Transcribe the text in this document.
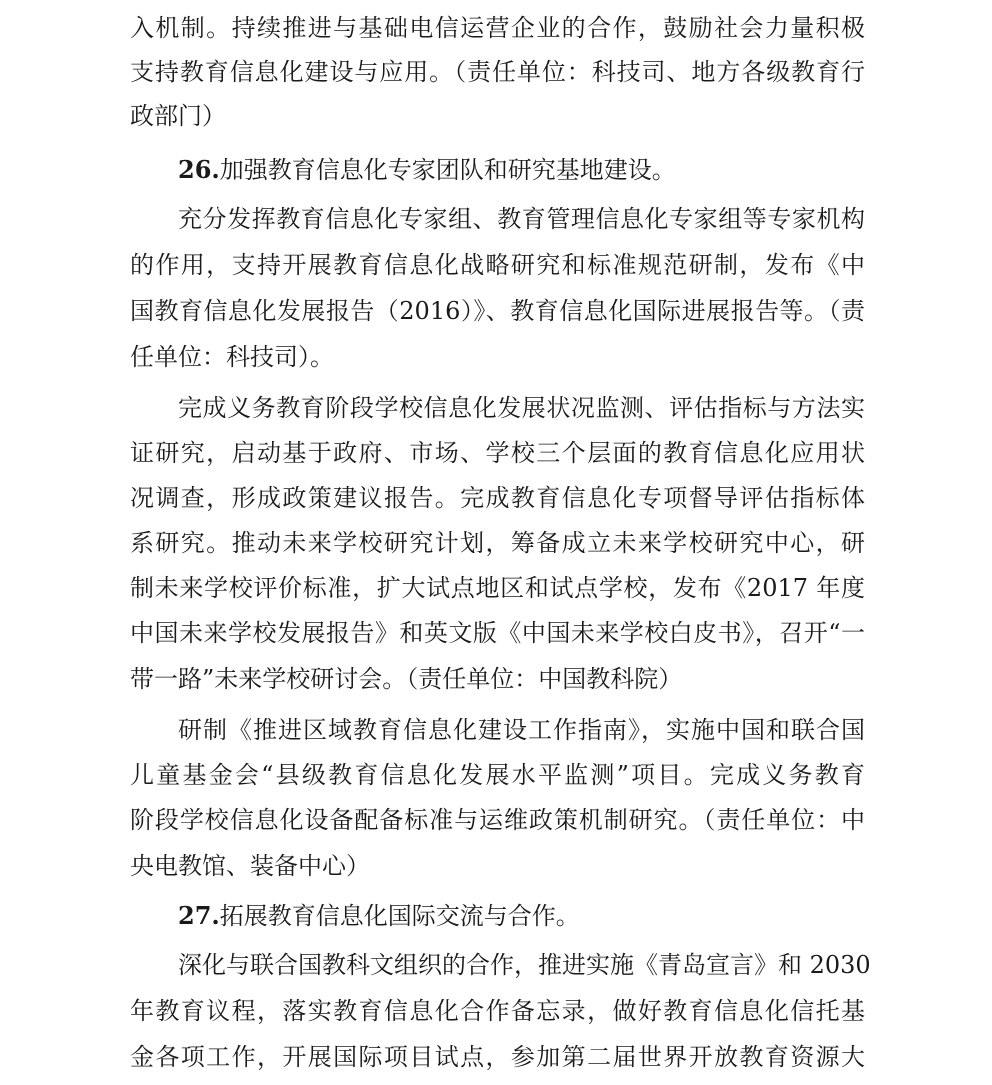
入机制。持续推进与基础电信运营企业的合作，鼓励社会力量积极
支持教育信息化建设与应用。（责任单位：科技司、地方各级教育行
政部门）
26.加强教育信息化专家团队和研究基地建设。
充分发挥教育信息化专家组、教育管理信息化专家组等专家机构
的作用，支持开展教育信息化战略研究和标准规范研制，发布《中
国教育信息化发展报告（2016）》、教育信息化国际进展报告等。（责
任单位：科技司）。
完成义务教育阶段学校信息化发展状况监测、评估指标与方法实
证研究，启动基于政府、市场、学校三个层面的教育信息化应用状
况调查，形成政策建议报告。完成教育信息化专项督导评估指标体
系研究。推动未来学校研究计划，筹备成立未来学校研究中心，研
制未来学校评价标准，扩大试点地区和试点学校，发布《2017 年度
中国未来学校发展报告》和英文版《中国未来学校白皮书》，召开“一
带一路”未来学校研讨会。（责任单位：中国教科院）
研制《推进区域教育信息化建设工作指南》，实施中国和联合国
儿童基金会“县级教育信息化发展水平监测”项目。完成义务教育
阶段学校信息化设备配备标准与运维政策机制研究。（责任单位：中
央电教馆、装备中心）
27.拓展教育信息化国际交流与合作。
深化与联合国教科文组织的合作，推进实施《青岛宣言》和 2030
年教育议程，落实教育信息化合作备忘录，做好教育信息化信托基
金各项工作，开展国际项目试点，参加第二届世界开放教育资源大
